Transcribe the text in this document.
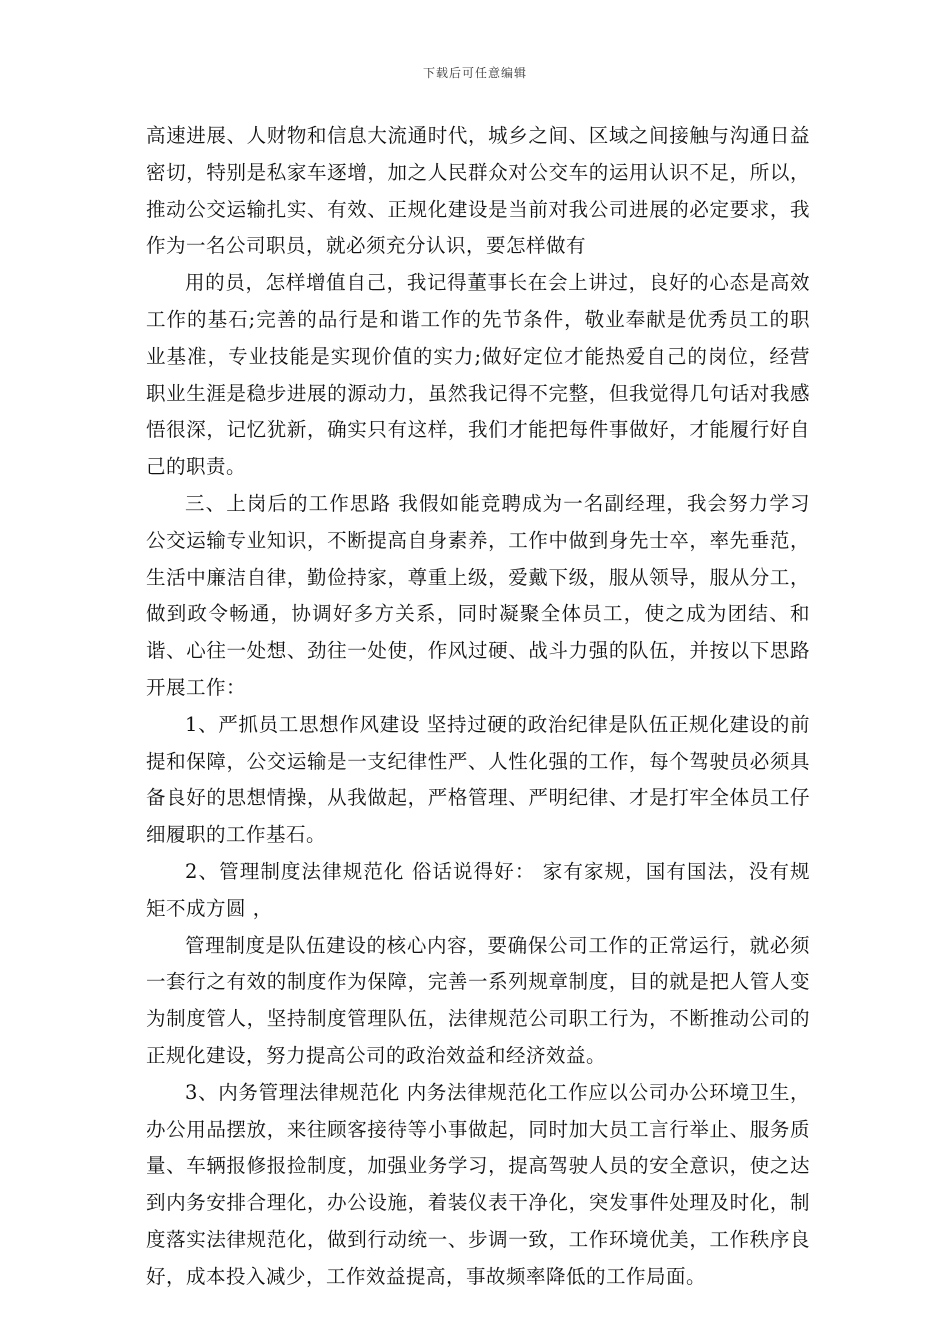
下载后可任意编辑

高速进展、人财物和信息大流通时代，城乡之间、区域之间接触与沟通日益密切，特别是私家车逐增，加之人民群众对公交车的运用认识不足，所以，推动公交运输扎实、有效、正规化建设是当前对我公司进展的必定要求，我作为一名公司职员，就必须充分认识，要怎样做有

用的员，怎样增值自己，我记得董事长在会上讲过，良好的心态是高效工作的基石;完善的品行是和谐工作的先节条件，敬业奉献是优秀员工的职业基准，专业技能是实现价值的实力;做好定位才能热爱自己的岗位，经营职业生涯是稳步进展的源动力，虽然我记得不完整，但我觉得几句话对我感悟很深，记忆犹新，确实只有这样，我们才能把每件事做好，才能履行好自己的职责。

三、上岗后的工作思路 我假如能竞聘成为一名副经理，我会努力学习公交运输专业知识，不断提高自身素养，工作中做到身先士卒，率先垂范，生活中廉洁自律，勤俭持家，尊重上级，爱戴下级，服从领导，服从分工，做到政令畅通，协调好多方关系，同时凝聚全体员工，使之成为团结、和谐、心往一处想、劲往一处使，作风过硬、战斗力强的队伍，并按以下思路开展工作：

1、严抓员工思想作风建设 坚持过硬的政治纪律是队伍正规化建设的前提和保障，公交运输是一支纪律性严、人性化强的工作，每个驾驶员必须具备良好的思想情操，从我做起，严格管理、严明纪律、才是打牢全体员工仔细履职的工作基石。

2、管理制度法律规范化 俗话说得好： 家有家规，国有国法，没有规矩不成方圆 ，

管理制度是队伍建设的核心内容，要确保公司工作的正常运行，就必须一套行之有效的制度作为保障，完善一系列规章制度，目的就是把人管人变为制度管人，坚持制度管理队伍，法律规范公司职工行为，不断推动公司的正规化建设，努力提高公司的政治效益和经济效益。

3、内务管理法律规范化 内务法律规范化工作应以公司办公环境卫生，办公用品摆放，来往顾客接待等小事做起，同时加大员工言行举止、服务质量、车辆报修报捡制度，加强业务学习，提高驾驶人员的安全意识，使之达到内务安排合理化，办公设施，着装仪表干净化，突发事件处理及时化，制度落实法律规范化，做到行动统一、步调一致，工作环境优美，工作秩序良好，成本投入减少，工作效益提高，事故频率降低的工作局面。
